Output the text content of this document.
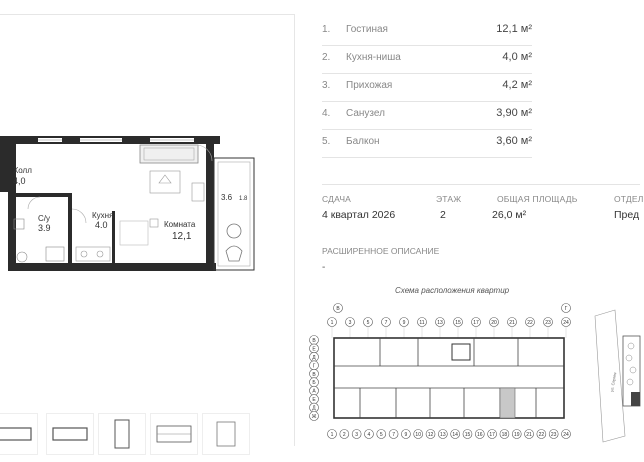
Холл
4,0
С/у
3.9
Кухня
4.0	Комната
12,1
3.6 1.8
1. Гостиная	12,1 м²
2. Кухня-ниша	4,0 м²
3. Прихожая	4,2 м²
4. Санузел	3,90 м²
5. Балкон	3,60 м²
СДАЧА
4 квартал 2026
ЭТАЖ
2
ОБЩАЯ ПЛОЩАДЬ
26,0 м²
ОТДЕЛ
Пред
РАСШИРЕННОЕ ОПИСАНИЕ
-
Схема расположения квартир
1	3	5	7	9	11	13 15 17 20 21 22 23 24
В	Г
1 2 3 4 5 7 9 10 12 13 14 15 16 17 18 19 21 22 23 24
В
Е
Д
Г
В
Б
А
Е
Д
Ж
ул. Сергея
